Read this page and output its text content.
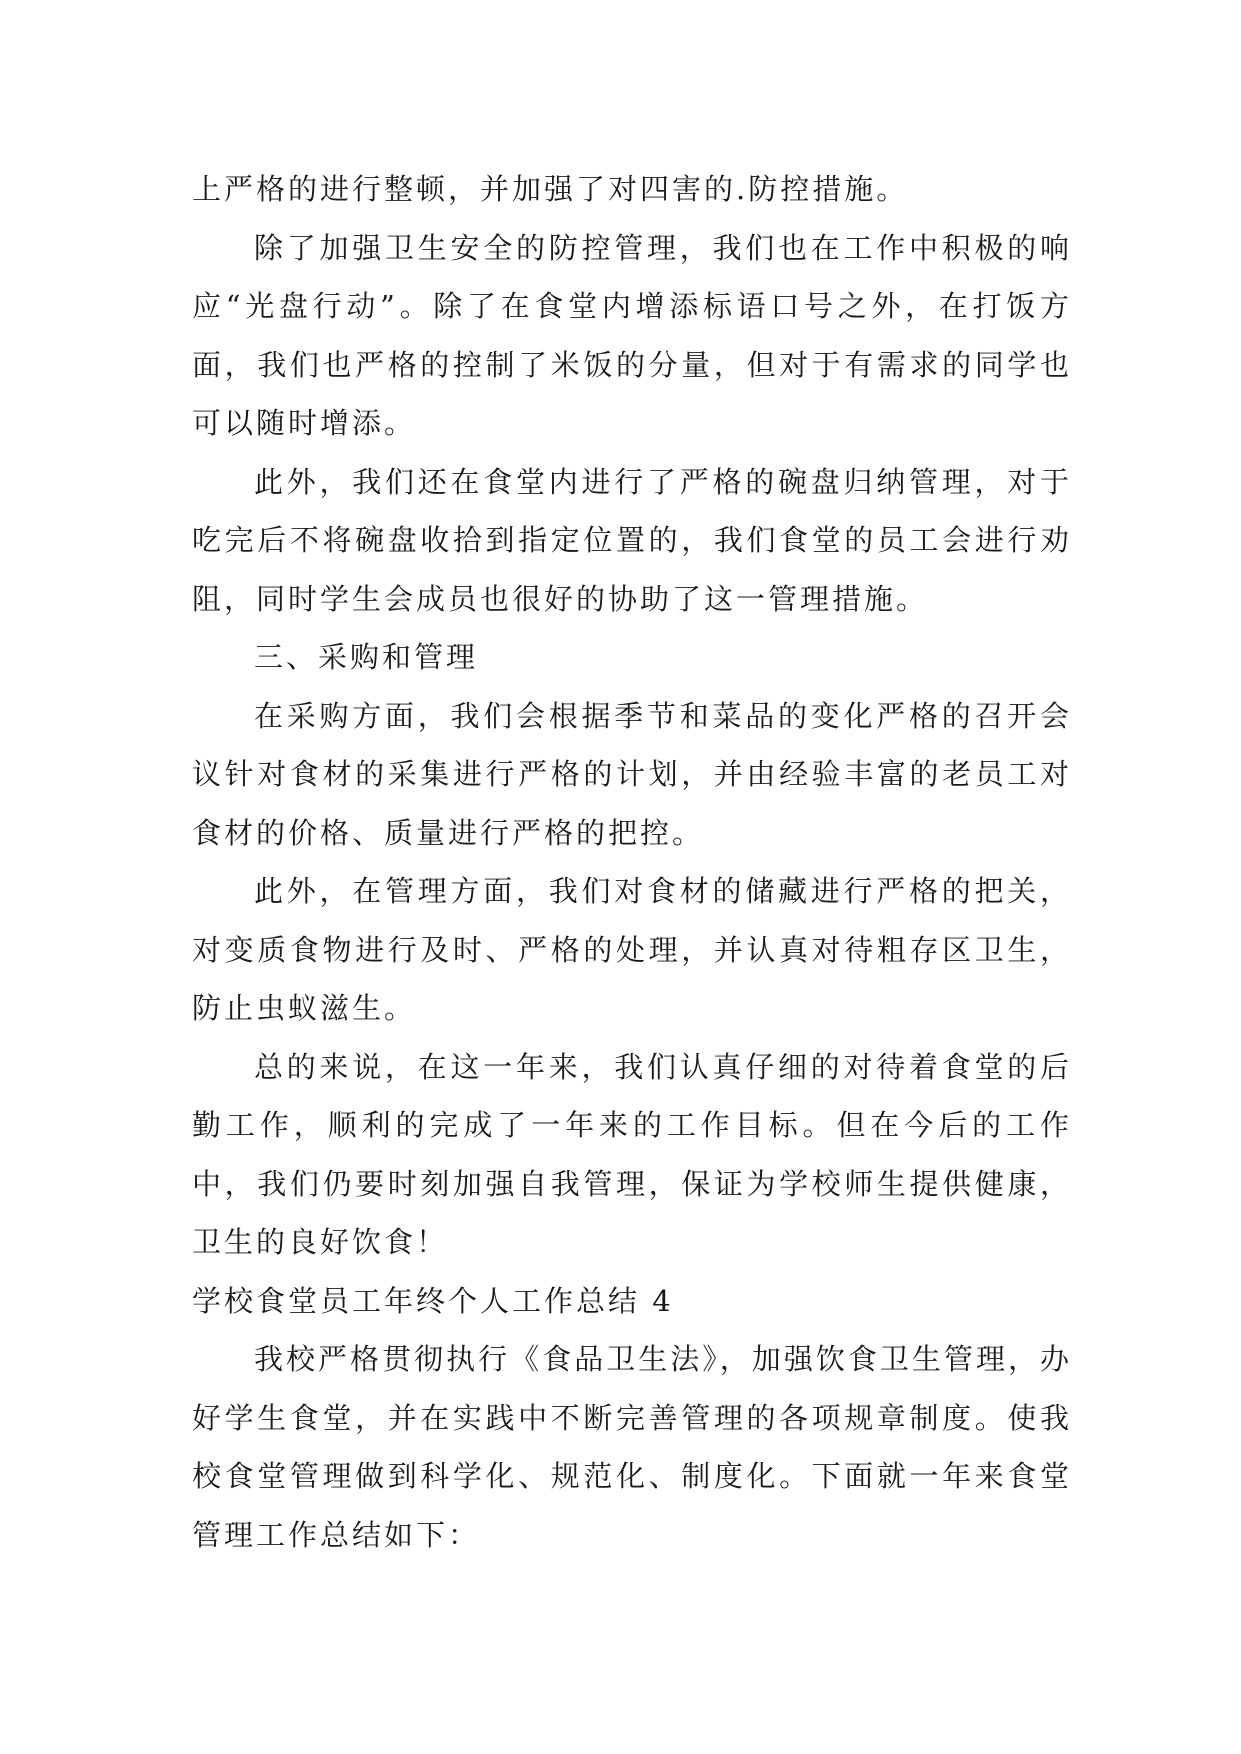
上严格的进行整顿，并加强了对四害的.防控措施。

除了加强卫生安全的防控管理，我们也在工作中积极的响应“光盘行动”。除了在食堂内增添标语口号之外，在打饭方面，我们也严格的控制了米饭的分量，但对于有需求的同学也可以随时增添。

此外，我们还在食堂内进行了严格的碗盘归纳管理，对于吃完后不将碗盘收拾到指定位置的，我们食堂的员工会进行劝阻，同时学生会成员也很好的协助了这一管理措施。

三、采购和管理

在采购方面，我们会根据季节和菜品的变化严格的召开会议针对食材的采集进行严格的计划，并由经验丰富的老员工对食材的价格、质量进行严格的把控。

此外，在管理方面，我们对食材的储藏进行严格的把关，对变质食物进行及时、严格的处理，并认真对待粗存区卫生，防止虫蚁滋生。

总的来说，在这一年来，我们认真仔细的对待着食堂的后勤工作，顺利的完成了一年来的工作目标。但在今后的工作中，我们仍要时刻加强自我管理，保证为学校师生提供健康，卫生的良好饮食！

学校食堂员工年终个人工作总结 4

我校严格贯彻执行《食品卫生法》，加强饮食卫生管理，办好学生食堂，并在实践中不断完善管理的各项规章制度。使我校食堂管理做到科学化、规范化、制度化。下面就一年来食堂管理工作总结如下：
